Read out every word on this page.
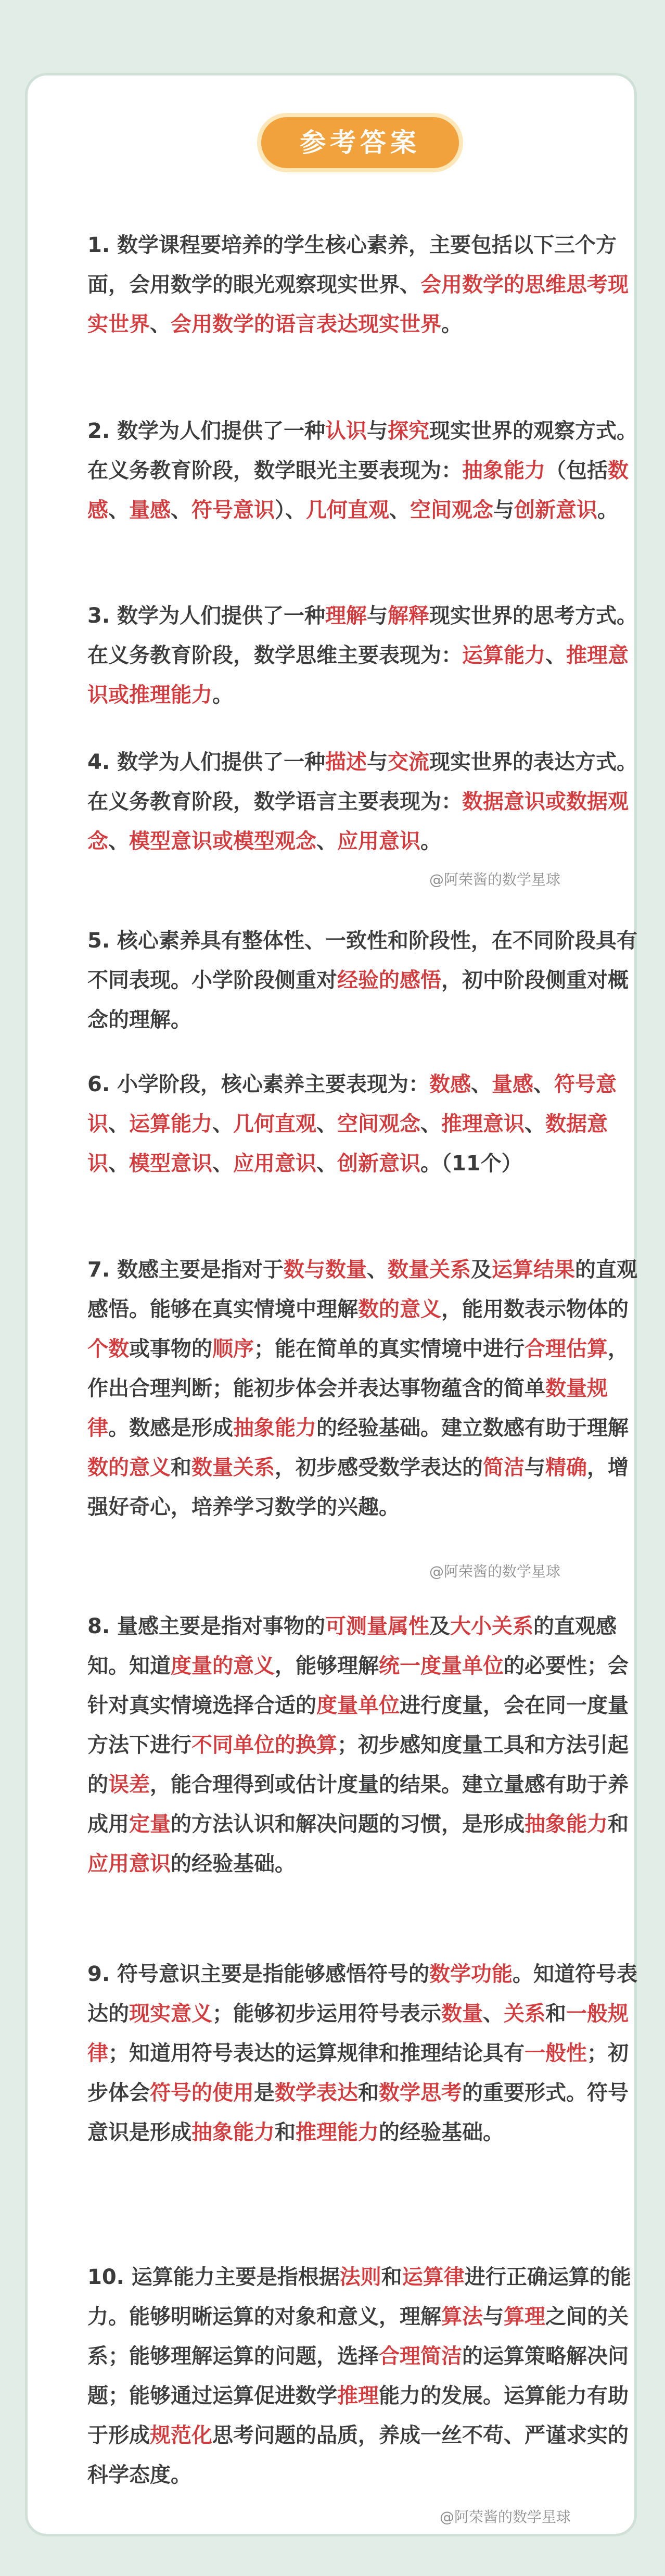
参考答案

1. 数学课程要培养的学生核心素养，主要包括以下三个方面，会用数学的眼光观察现实世界、会用数学的思维思考现实世界、会用数学的语言表达现实世界。

2. 数学为人们提供了一种认识与探究现实世界的观察方式。在义务教育阶段，数学眼光主要表现为：抽象能力（包括数感、量感、符号意识）、几何直观、空间观念与创新意识。

3. 数学为人们提供了一种理解与解释现实世界的思考方式。在义务教育阶段，数学思维主要表现为：运算能力、推理意识或推理能力。

4. 数学为人们提供了一种描述与交流现实世界的表达方式。在义务教育阶段，数学语言主要表现为：数据意识或数据观念、模型意识或模型观念、应用意识。

@阿荣酱的数学星球

5. 核心素养具有整体性、一致性和阶段性，在不同阶段具有不同表现。小学阶段侧重对经验的感悟，初中阶段侧重对概念的理解。

6. 小学阶段，核心素养主要表现为：数感、量感、符号意识、运算能力、几何直观、空间观念、推理意识、数据意识、模型意识、应用意识、创新意识。（11个）

7. 数感主要是指对于数与数量、数量关系及运算结果的直观感悟。能够在真实情境中理解数的意义，能用数表示物体的个数或事物的顺序；能在简单的真实情境中进行合理估算，作出合理判断；能初步体会并表达事物蕴含的简单数量规律。数感是形成抽象能力的经验基础。建立数感有助于理解数的意义和数量关系，初步感受数学表达的简洁与精确，增强好奇心，培养学习数学的兴趣。

@阿荣酱的数学星球

8. 量感主要是指对事物的可测量属性及大小关系的直观感知。知道度量的意义，能够理解统一度量单位的必要性；会针对真实情境选择合适的度量单位进行度量，会在同一度量方法下进行不同单位的换算；初步感知度量工具和方法引起的误差，能合理得到或估计度量的结果。建立量感有助于养成用定量的方法认识和解决问题的习惯，是形成抽象能力和应用意识的经验基础。

9. 符号意识主要是指能够感悟符号的数学功能。知道符号表达的现实意义；能够初步运用符号表示数量、关系和一般规律；知道用符号表达的运算规律和推理结论具有一般性；初步体会符号的使用是数学表达和数学思考的重要形式。符号意识是形成抽象能力和推理能力的经验基础。

10. 运算能力主要是指根据法则和运算律进行正确运算的能力。能够明晰运算的对象和意义，理解算法与算理之间的关系；能够理解运算的问题，选择合理简洁的运算策略解决问题；能够通过运算促进数学推理能力的发展。运算能力有助于形成规范化思考问题的品质，养成一丝不苟、严谨求实的科学态度。

@阿荣酱的数学星球
